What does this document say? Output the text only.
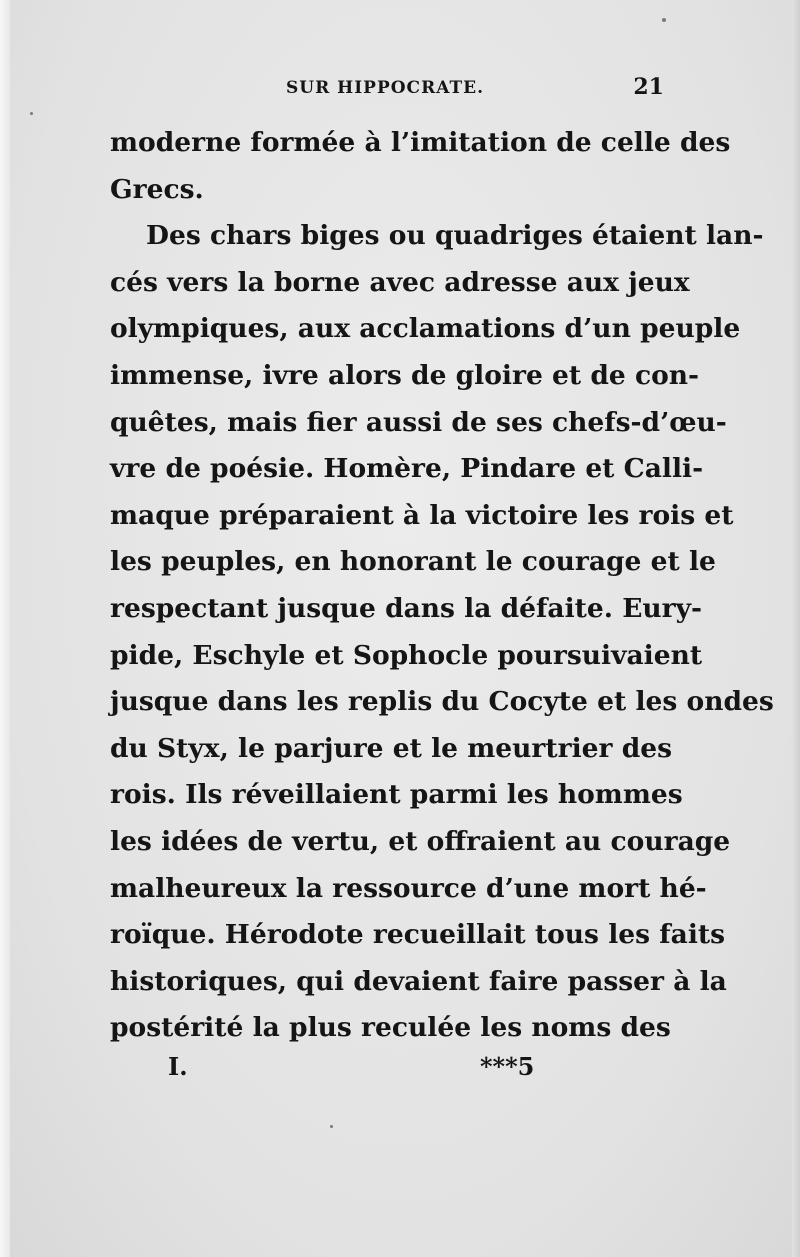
SUR HIPPOCRATE.	21
moderne formée à l’imitation de celle des
Grecs.
Des chars biges ou quadriges étaient lan-
cés vers la borne avec adresse aux jeux
olympiques, aux acclamations d’un peuple
immense, ivre alors de gloire et de con-
quêtes, mais fier aussi de ses chefs-d’œu-
vre de poésie. Homère, Pindare et Calli-
maque préparaient à la victoire les rois et
les peuples, en honorant le courage et le
respectant jusque dans la défaite. Eury-
pide, Eschyle et Sophocle poursuivaient
jusque dans les replis du Cocyte et les ondes
du Styx, le parjure et le meurtrier des
rois. Ils réveillaient parmi les hommes
les idées de vertu, et offraient au courage
malheureux la ressource d’une mort hé-
roïque. Hérodote recueillait tous les faits
historiques, qui devaient faire passer à la
postérité la plus reculée les noms des
I.	***5
